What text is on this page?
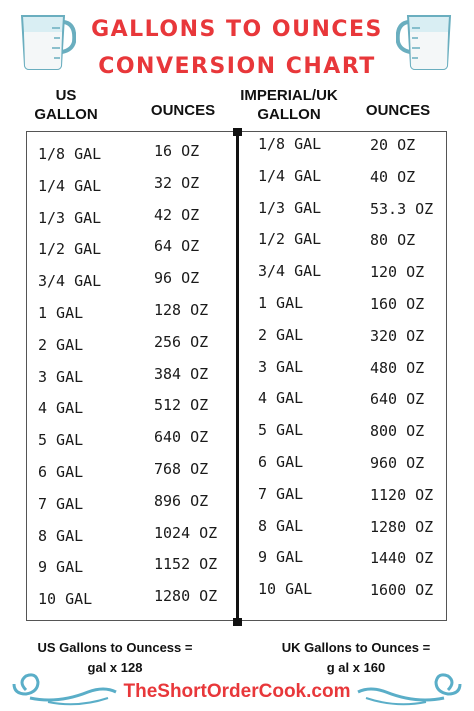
GALLONS TO OUNCES
CONVERSION CHART
US
GALLON	OUNCES
IMPERIAL/UK
GALLON	OUNCES
1/8 GAL	16 OZ
1/4 GAL	32 OZ
1/3 GAL	42 OZ
1/2 GAL	64 OZ
3/4 GAL	96 OZ
1 GAL	128 OZ
2 GAL	256 OZ
3 GAL	384 OZ
4 GAL	512 OZ
5 GAL	640 OZ
6 GAL	768 OZ
7 GAL	896 OZ
8 GAL	1024 OZ
9 GAL	1152 OZ
10 GAL	1280 OZ
1/8 GAL	20 OZ
1/4 GAL	40 OZ
1/3 GAL	53.3 OZ
1/2 GAL	80 OZ
3/4 GAL	120 OZ
1 GAL	160 OZ
2 GAL	320 OZ
3 GAL	480 OZ
4 GAL	640 OZ
5 GAL	800 OZ
6 GAL	960 OZ
7 GAL	1120 OZ
8 GAL	1280 OZ
9 GAL	1440 OZ
10 GAL	1600 OZ
US Gallons to Ouncess =
gal x 128
UK Gallons to Ounces =
g al x 160
TheShortOrderCook.com
